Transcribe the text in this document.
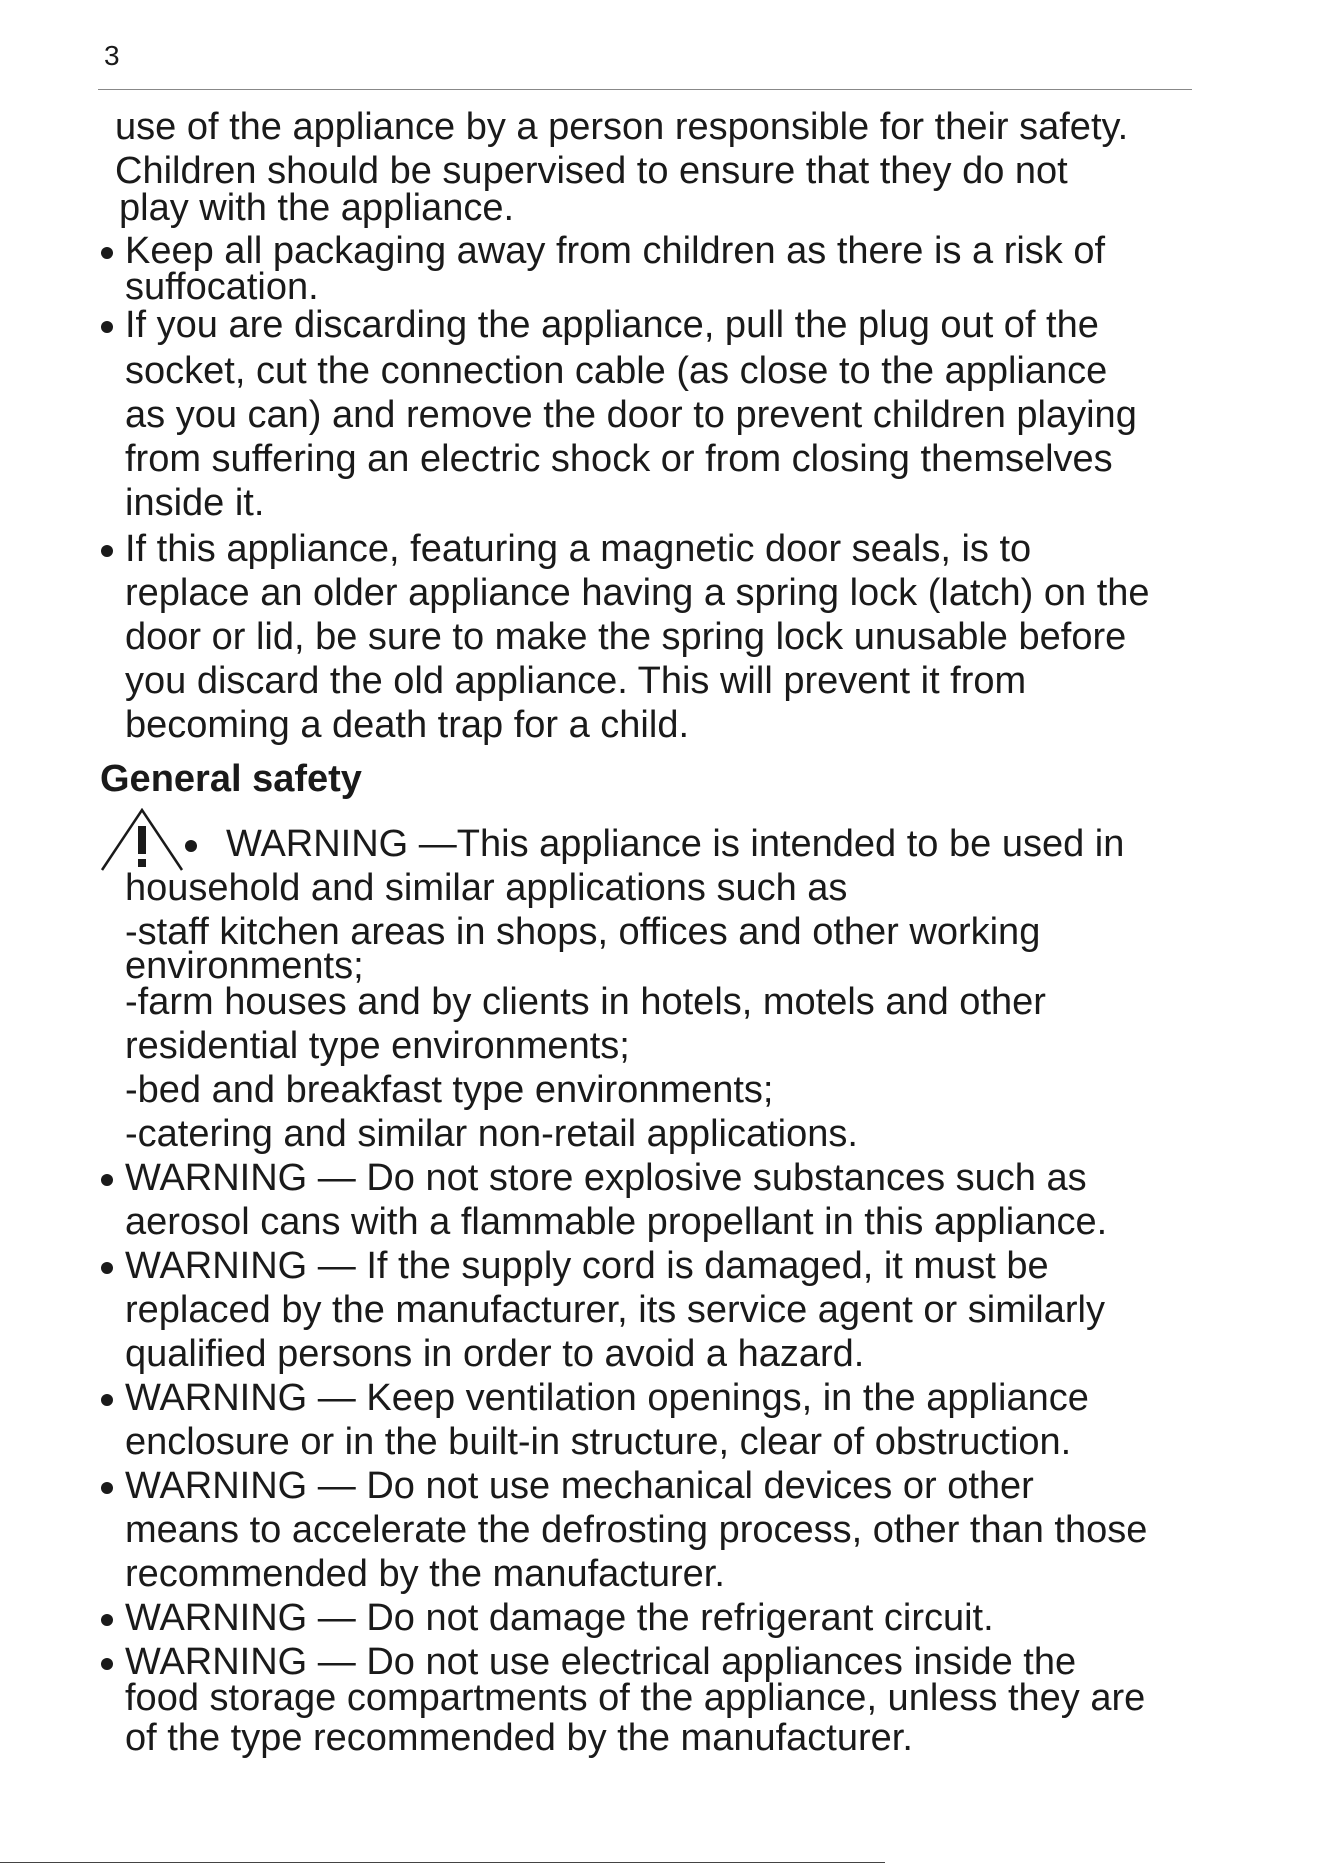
3
use of the appliance by a person responsible for their safety.
Children should be supervised to ensure that they do not
play with the appliance.
Keep all packaging away from children as there is a risk of
suffocation.
If you are discarding the appliance, pull the plug out of the
socket, cut the connection cable (as close to the appliance
as you can) and remove the door to prevent children playing
from suffering an electric shock or from closing themselves
inside it.
If this appliance, featuring a magnetic door seals, is to
replace an older appliance having a spring lock (latch) on the
door or lid, be sure to make the spring lock unusable before
you discard the old appliance. This will prevent it from
becoming a death trap for a child.
General safety
WARNING —This appliance is intended to be used in
household and similar applications such as
-staff kitchen areas in shops, offices and other working
environments;
-farm houses and by clients in hotels, motels and other
residential type environments;
-bed and breakfast type environments;
-catering and similar non-retail applications.
WARNING — Do not store explosive substances such as
aerosol cans with a flammable propellant in this appliance.
WARNING — If the supply cord is damaged, it must be
replaced by the manufacturer, its service agent or similarly
qualified persons in order to avoid a hazard.
WARNING — Keep ventilation openings, in the appliance
enclosure or in the built-in structure, clear of obstruction.
WARNING — Do not use mechanical devices or other
means to accelerate the defrosting process, other than those
recommended by the manufacturer.
WARNING — Do not damage the refrigerant circuit.
WARNING — Do not use electrical appliances inside the
food storage compartments of the appliance, unless they are
of the type recommended by the manufacturer.
